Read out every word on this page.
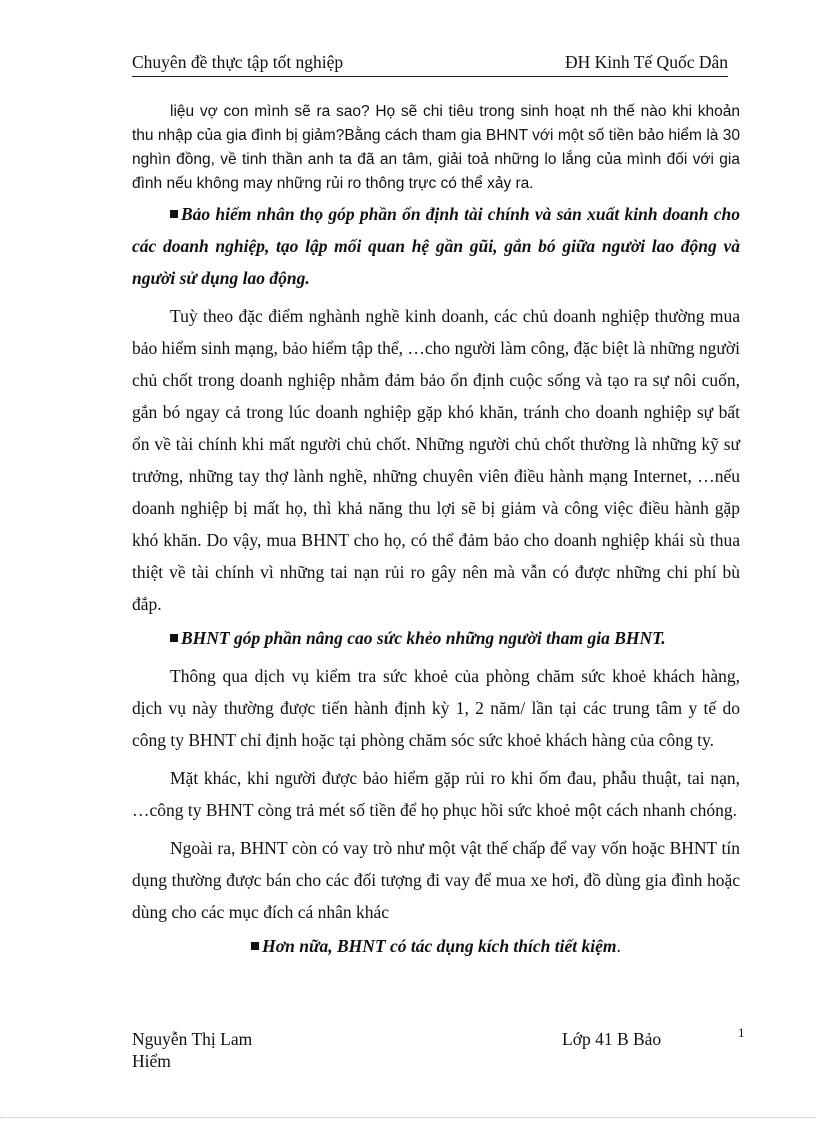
Chuyên đề thực tập tốt nghiệp	ĐH Kinh Tế Quốc Dân

liệu vợ con mình sẽ ra sao? Họ sẽ chi tiêu trong sinh hoạt nh thế nào khi khoản thu nhập của gia đình bị giảm?Bằng cách tham gia BHNT với một số tiền bảo hiểm là 30 nghìn đồng, về tinh thần anh ta đã an tâm, giải toả những lo lắng của mình đối với gia đình nếu không may những rủi ro thông trực có thể xảy ra.

Bảo hiểm nhân thọ góp phần ổn định tài chính và sản xuất kinh doanh cho các doanh nghiệp, tạo lập mối quan hệ gần gũi, gắn bó giữa người lao động và người sử dụng lao động.

Tuỳ theo đặc điểm nghành nghề kinh doanh, các chủ doanh nghiệp thường mua bảo hiểm sinh mạng, bảo hiểm tập thể, …cho người làm công, đặc biệt là những người chủ chốt trong doanh nghiệp nhằm đảm bảo ổn định cuộc sống và tạo ra sự nôi cuốn, gắn bó ngay cả trong lúc doanh nghiệp gặp khó khăn, tránh cho doanh nghiệp sự bất ổn về tài chính khi mất người chủ chốt. Những người chủ chốt thường là những kỹ sư trưởng, những tay thợ lành nghề, những chuyên viên điều hành mạng Internet, …nếu doanh nghiệp bị mất họ, thì khả năng thu lợi sẽ bị giảm và công việc điều hành gặp khó khăn. Do vậy, mua BHNT cho họ, có thể đảm bảo cho doanh nghiệp khái sù thua thiệt về tài chính vì những tai nạn rủi ro gây nên mà vẫn có được những chi phí bù đắp.

BHNT góp phần nâng cao sức khẻo những người tham gia BHNT.

Thông qua dịch vụ kiểm tra sức khoẻ của phòng chăm sức khoẻ khách hàng, dịch vụ này thường được tiến hành định kỳ 1, 2 năm/ lần tại các trung tâm y tế do công ty BHNT chỉ định hoặc tại phòng chăm sóc sức khoẻ khách hàng của công ty.

Mặt khác, khi người được bảo hiểm gặp rủi ro khi ốm đau, phẫu thuật, tai nạn, …công ty BHNT còng trả mét số tiền để họ phục hồi sức khoẻ một cách nhanh chóng.

Ngoài ra, BHNT còn có vay trò như một vật thế chấp để vay vốn hoặc BHNT tín dụng thường được bán cho các đối tượng đi vay để mua xe hơi, đồ dùng gia đình hoặc dùng cho các mục đích cá nhân khác

Hơn nữa, BHNT có tác dụng kích thích tiết kiệm.

Nguyễn Thị Lam
Hiểm
Lớp 41 B Bảo	1
